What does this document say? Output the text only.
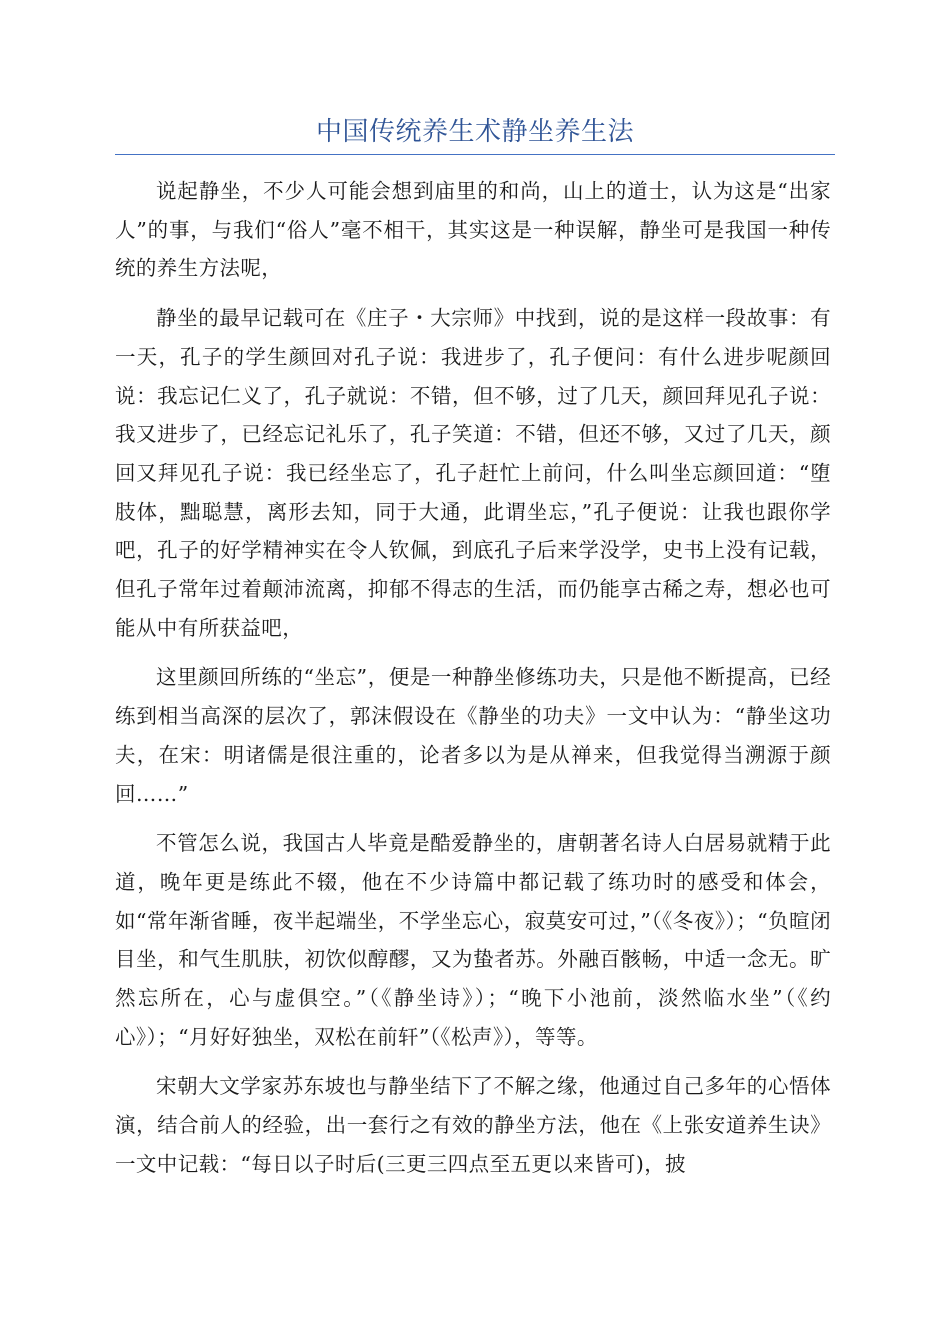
中国传统养生术静坐养生法

说起静坐，不少人可能会想到庙里的和尚，山上的道士，认为这是“出家人”的事，与我们“俗人”毫不相干，其实这是一种误解，静坐可是我国一种传统的养生方法呢，

静坐的最早记载可在《庄子・大宗师》中找到，说的是这样一段故事：有一天，孔子的学生颜回对孔子说：我进步了，孔子便问：有什么进步呢颜回说：我忘记仁义了，孔子就说：不错，但不够，过了几天，颜回拜见孔子说：我又进步了，已经忘记礼乐了，孔子笑道：不错，但还不够，又过了几天，颜回又拜见孔子说：我已经坐忘了，孔子赶忙上前问，什么叫坐忘颜回道：“堕肢体，黜聪慧，离形去知，同于大通，此谓坐忘，”孔子便说：让我也跟你学吧，孔子的好学精神实在令人钦佩，到底孔子后来学没学，史书上没有记载，但孔子常年过着颠沛流离，抑郁不得志的生活，而仍能享古稀之寿，想必也可能从中有所获益吧，

这里颜回所练的“坐忘”，便是一种静坐修练功夫，只是他不断提高，已经练到相当高深的层次了，郭沫假设在《静坐的功夫》一文中认为：“静坐这功夫，在宋：明诸儒是很注重的，论者多以为是从禅来，但我觉得当溯源于颜回……”

不管怎么说，我国古人毕竟是酷爱静坐的，唐朝著名诗人白居易就精于此道，晚年更是练此不辍，他在不少诗篇中都记载了练功时的感受和体会，如“常年渐省睡，夜半起端坐，不学坐忘心，寂莫安可过，”（《冬夜》）；“负暄闭目坐，和气生肌肤，初饮似醇醪，又为蛰者苏。外融百骸畅，中适一念无。旷然忘所在，心与虚俱空。”（《静坐诗》）；“晚下小池前，淡然临水坐”（《约心》）；“月好好独坐，双松在前轩”（《松声》），等等。

宋朝大文学家苏东坡也与静坐结下了不解之缘，他通过自己多年的心悟体演，结合前人的经验，出一套行之有效的静坐方法，他在《上张安道养生诀》一文中记载：“每日以子时后(三更三四点至五更以来皆可)，披
